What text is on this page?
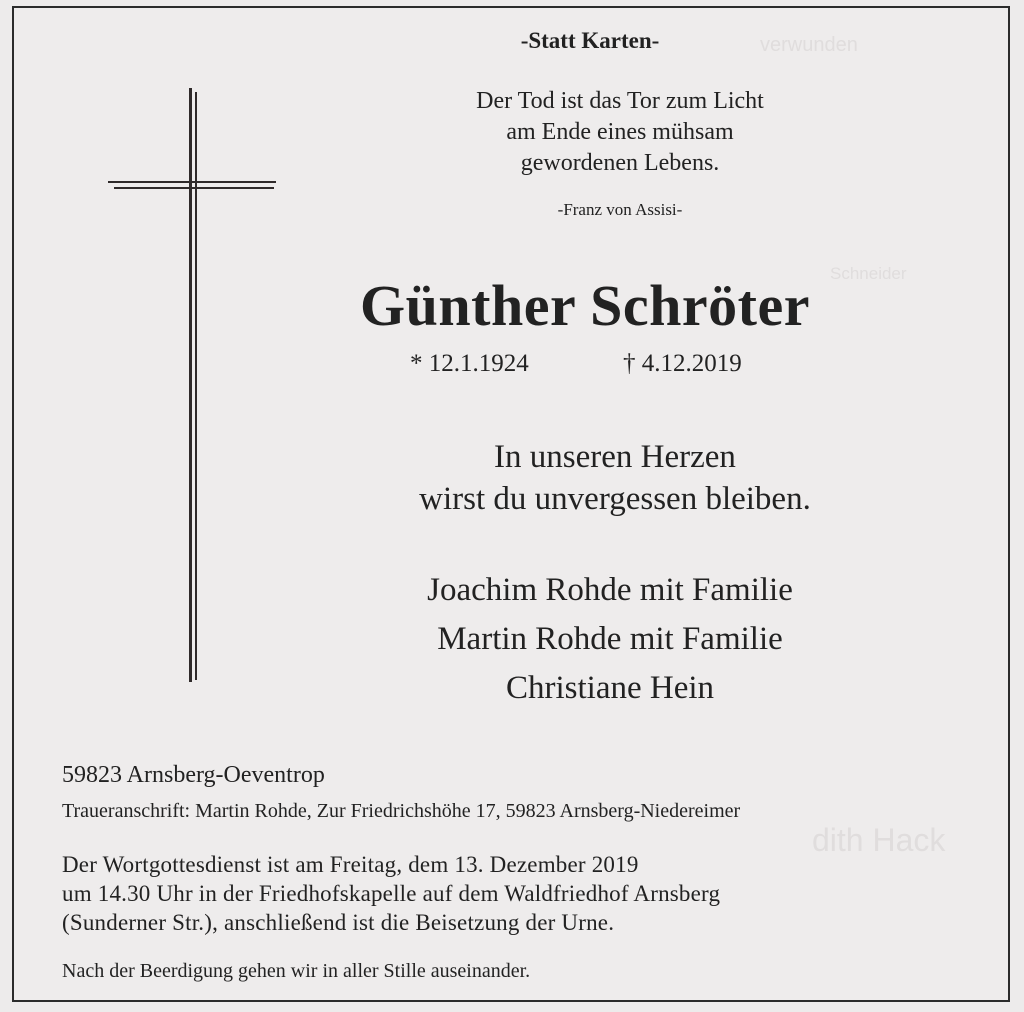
-Statt Karten-
Der Tod ist das Tor zum Licht
am Ende eines mühsam
gewordenen Lebens.
-Franz von Assisi-
Günther Schröter
* 12.1.1924	† 4.12.2019
In unseren Herzen
wirst du unvergessen bleiben.
Joachim Rohde mit Familie
Martin Rohde mit Familie
Christiane Hein
59823 Arnsberg-Oeventrop
Traueranschrift: Martin Rohde, Zur Friedrichshöhe 17, 59823 Arnsberg-Niedereimer
Der Wortgottesdienst ist am Freitag, dem 13. Dezember 2019
um 14.30 Uhr in der Friedhofskapelle auf dem Waldfriedhof Arnsberg
(Sunderner Str.), anschließend ist die Beisetzung der Urne.
Nach der Beerdigung gehen wir in aller Stille auseinander.
